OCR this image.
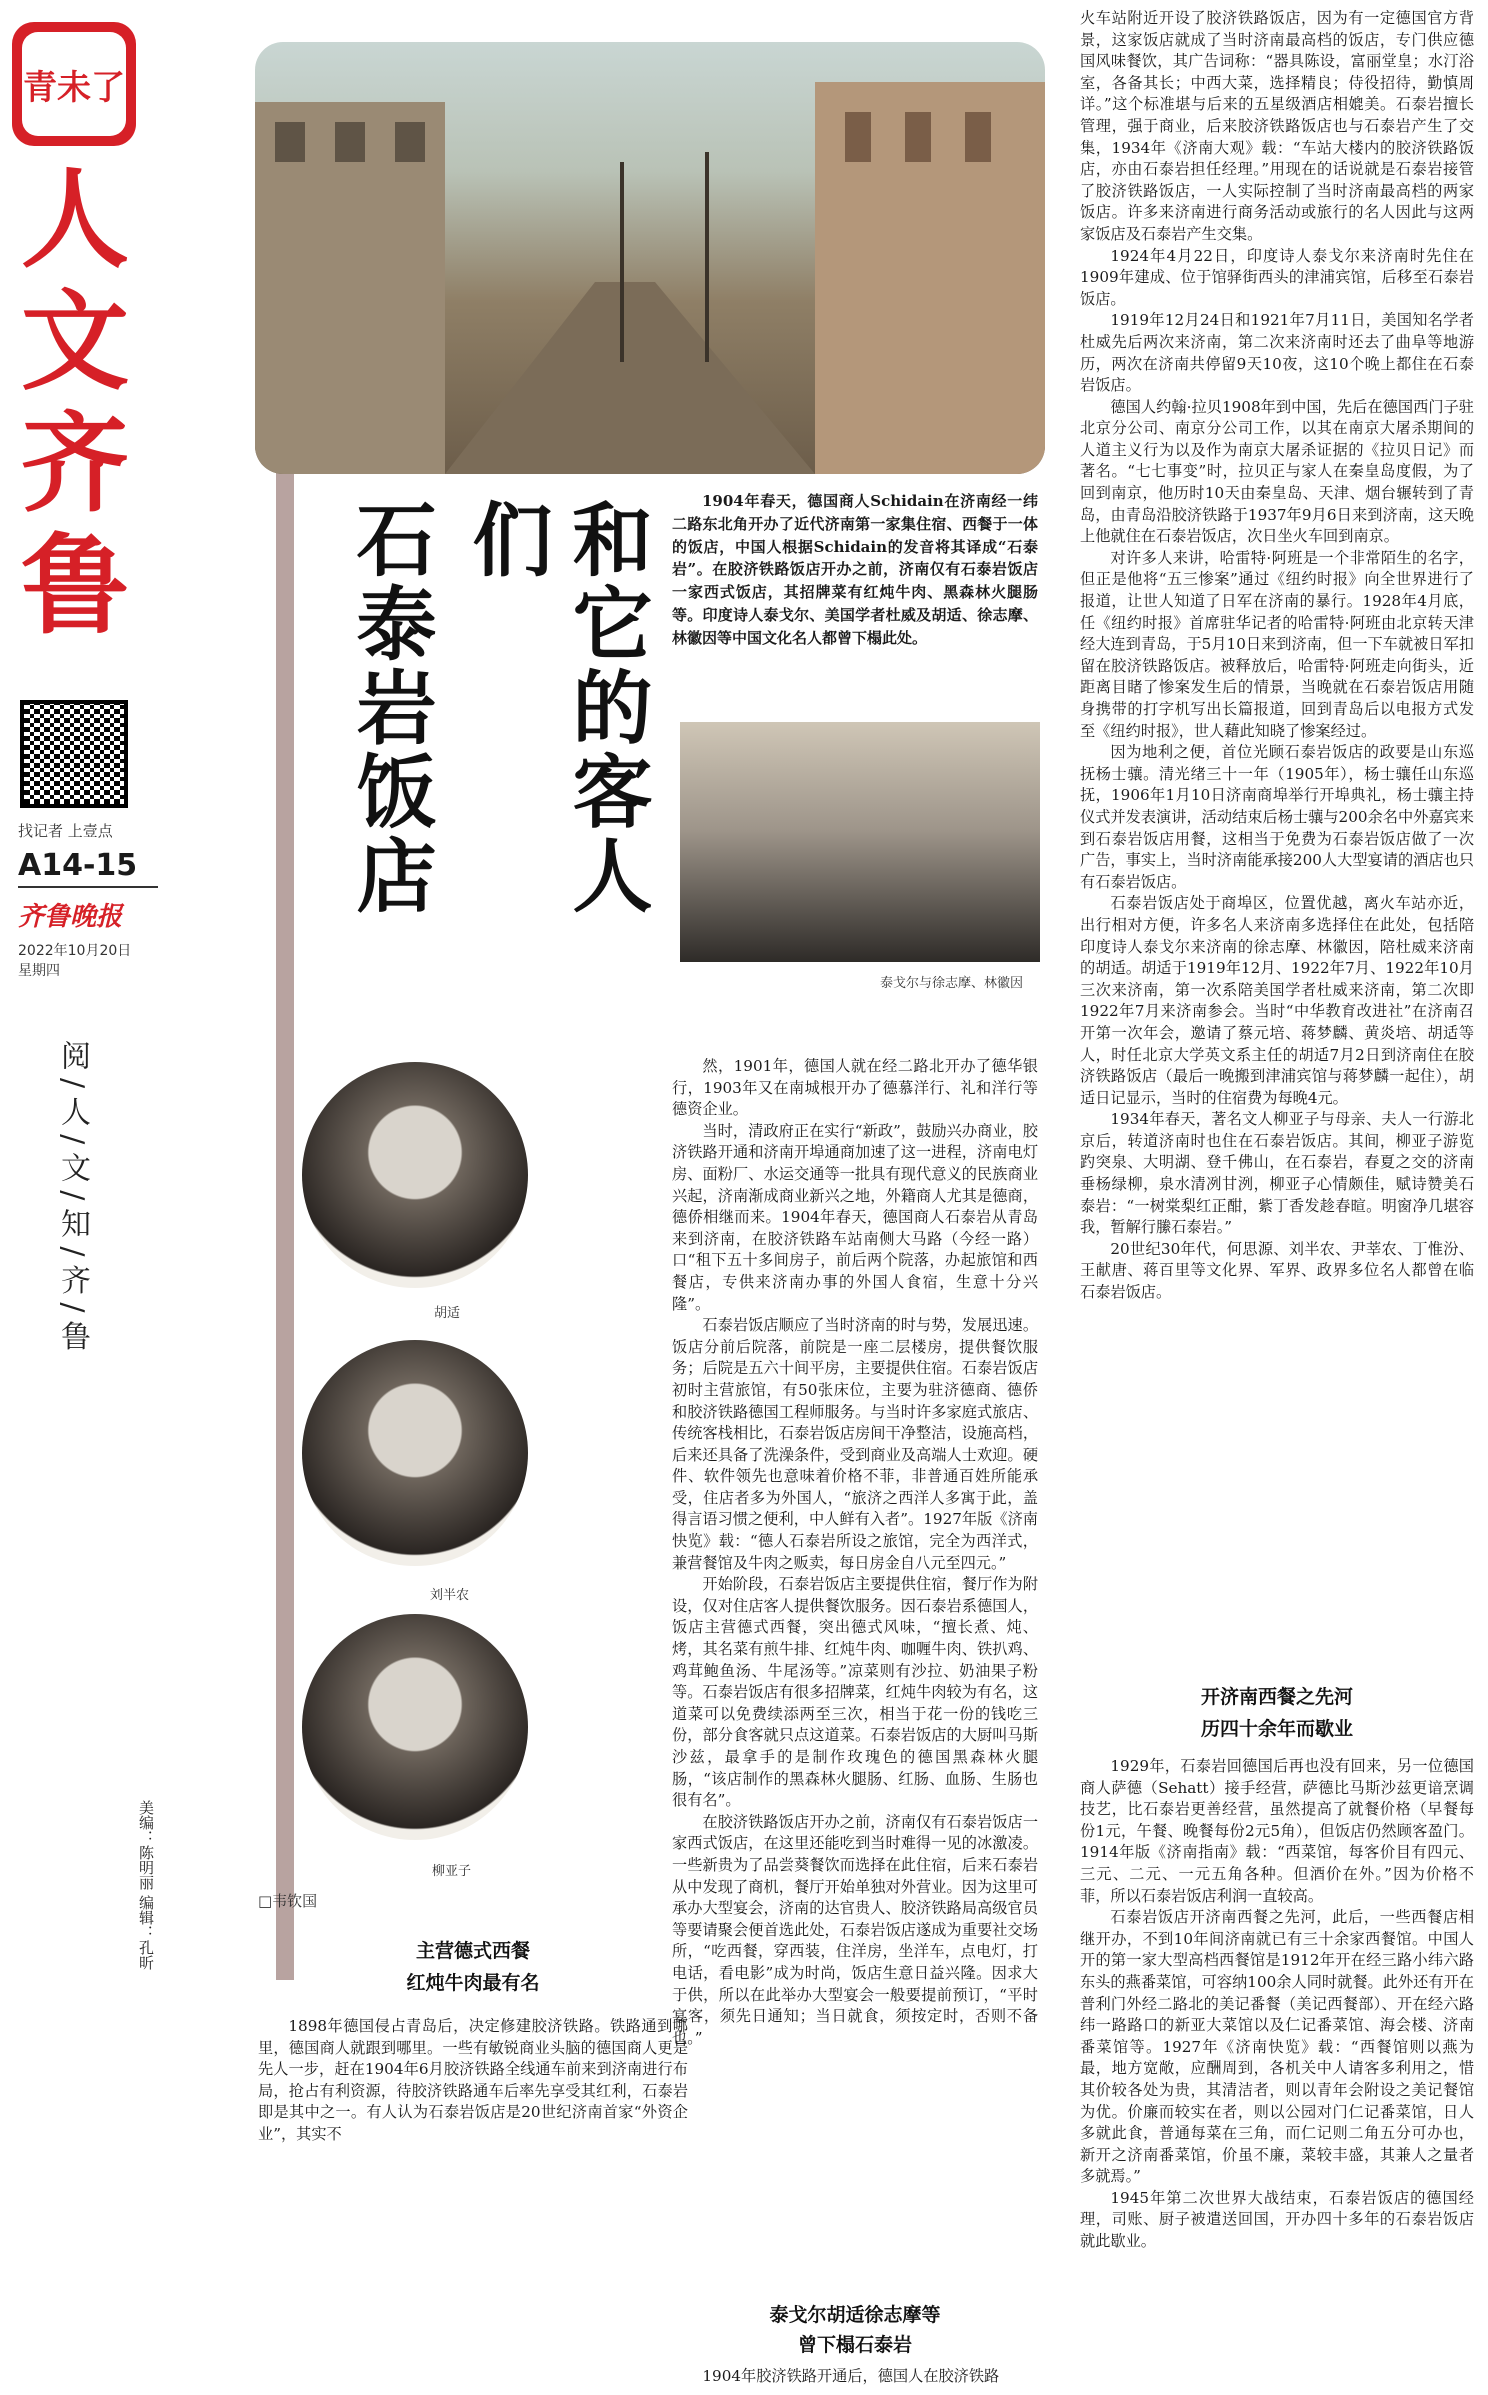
青未了
人
文
齐
鲁
找记者 上壹点
A14-15
齐鲁晚报
2022年10月20日
星期四
阅/人/文/知/齐/鲁
美编：陈明丽 编辑：孔昕
石泰岩饭店	和它的客人们	1904年春天，德国商人Schidain在济南经一纬二路东北角开办了近代济南第一家集住宿、西餐于一体的饭店，中国人根据Schidain的发音将其译成“石泰岩”。在胶济铁路饭店开办之前，济南仅有石泰岩饭店一家西式饭店，其招牌菜有红炖牛肉、黑森林火腿肠等。印度诗人泰戈尔、美国学者杜威及胡适、徐志摩、林徽因等中国文化名人都曾下榻此处。

泰戈尔与徐志摩、林徽因
胡适
刘半农
柳亚子
□韦钦国
主营德式西餐
红炖牛肉最有名

1898年德国侵占青岛后，决定修建胶济铁路。铁路通到哪里，德国商人就跟到哪里。一些有敏锐商业头脑的德国商人更是先人一步，赶在1904年6月胶济铁路全线通车前来到济南进行布局，抢占有利资源，待胶济铁路通车后率先享受其红利，石泰岩即是其中之一。有人认为石泰岩饭店是20世纪济南首家“外资企业”，其实不

然，1901年，德国人就在经二路北开办了德华银行，1903年又在南城根开办了德慕洋行、礼和洋行等德资企业。

当时，清政府正在实行“新政”，鼓励兴办商业，胶济铁路开通和济南开埠通商加速了这一进程，济南电灯房、面粉厂、水运交通等一批具有现代意义的民族商业兴起，济南渐成商业新兴之地，外籍商人尤其是德商，德侨相继而来。1904年春天，德国商人石泰岩从青岛来到济南，在胶济铁路车站南侧大马路（今经一路）口“租下五十多间房子，前后两个院落，办起旅馆和西餐店，专供来济南办事的外国人食宿，生意十分兴隆”。

石泰岩饭店顺应了当时济南的时与势，发展迅速。饭店分前后院落，前院是一座二层楼房，提供餐饮服务；后院是五六十间平房，主要提供住宿。石泰岩饭店初时主营旅馆，有50张床位，主要为驻济德商、德侨和胶济铁路德国工程师服务。与当时许多家庭式旅店、传统客栈相比，石泰岩饭店房间干净整洁，设施高档，后来还具备了洗澡条件，受到商业及高端人士欢迎。硬件、软件领先也意味着价格不菲，非普通百姓所能承受，住店者多为外国人，“旅济之西洋人多寓于此，盖得言语习惯之便利，中人鲜有入者”。1927年版《济南快览》载：“德人石泰岩所设之旅馆，完全为西洋式，兼营餐馆及牛肉之贩卖，每日房金自八元至四元。”

开始阶段，石泰岩饭店主要提供住宿，餐厅作为附设，仅对住店客人提供餐饮服务。因石泰岩系德国人，饭店主营德式西餐，突出德式风味，“擅长煮、炖、烤，其名菜有煎牛排、红炖牛肉、咖喱牛肉、铁扒鸡、鸡茸鲍鱼汤、牛尾汤等。”凉菜则有沙拉、奶油果子粉等。石泰岩饭店有很多招牌菜，红炖牛肉较为有名，这道菜可以免费续添两至三次，相当于花一份的钱吃三份，部分食客就只点这道菜。石泰岩饭店的大厨叫马斯沙兹，最拿手的是制作玫瑰色的德国黑森林火腿肠，“该店制作的黑森林火腿肠、红肠、血肠、生肠也很有名”。

在胶济铁路饭店开办之前，济南仅有石泰岩饭店一家西式饭店，在这里还能吃到当时难得一见的冰激凌。一些新贵为了品尝葵餐饮而选择在此住宿，后来石泰岩从中发现了商机，餐厅开始单独对外营业。因为这里可承办大型宴会，济南的达官贵人、胶济铁路局高级官员等要请聚会便首选此处，石泰岩饭店遂成为重要社交场所，“吃西餐，穿西装，住洋房，坐洋车，点电灯，打电话，看电影”成为时尚，饭店生意日益兴隆。因求大于供，所以在此举办大型宴会一般要提前预订，“平时宴客，须先日通知；当日就食，须按定时，否则不备也。”

泰戈尔胡适徐志摩等
曾下榻石泰岩

1904年胶济铁路开通后，德国人在胶济铁路

火车站附近开设了胶济铁路饭店，因为有一定德国官方背景，这家饭店就成了当时济南最高档的饭店，专门供应德国风味餐饮，其广告词称：“器具陈设，富丽堂皇；水汀浴室，各备其长；中西大菜，选择精良；侍役招待，勤慎周详。”这个标准堪与后来的五星级酒店相媲美。石泰岩擅长管理，强于商业，后来胶济铁路饭店也与石泰岩产生了交集，1934年《济南大观》载：“车站大楼内的胶济铁路饭店，亦由石泰岩担任经理。”用现在的话说就是石泰岩接管了胶济铁路饭店，一人实际控制了当时济南最高档的两家饭店。许多来济南进行商务活动或旅行的名人因此与这两家饭店及石泰岩产生交集。

1924年4月22日，印度诗人泰戈尔来济南时先住在1909年建成、位于馆驿街西头的津浦宾馆，后移至石泰岩饭店。

1919年12月24日和1921年7月11日，美国知名学者杜威先后两次来济南，第二次来济南时还去了曲阜等地游历，两次在济南共停留9天10夜，这10个晚上都住在石泰岩饭店。

德国人约翰·拉贝1908年到中国，先后在德国西门子驻北京分公司、南京分公司工作，以其在南京大屠杀期间的人道主义行为以及作为南京大屠杀证据的《拉贝日记》而著名。“七七事变”时，拉贝正与家人在秦皇岛度假，为了回到南京，他历时10天由秦皇岛、天津、烟台辗转到了青岛，由青岛沿胶济铁路于1937年9月6日来到济南，这天晚上他就住在石泰岩饭店，次日坐火车回到南京。

对许多人来讲，哈雷特·阿班是一个非常陌生的名字，但正是他将“五三惨案”通过《纽约时报》向全世界进行了报道，让世人知道了日军在济南的暴行。1928年4月底，任《纽约时报》首席驻华记者的哈雷特·阿班由北京转天津经大连到青岛，于5月10日来到济南，但一下车就被日军扣留在胶济铁路饭店。被释放后，哈雷特·阿班走向街头，近距离目睹了惨案发生后的情景，当晚就在石泰岩饭店用随身携带的打字机写出长篇报道，回到青岛后以电报方式发至《纽约时报》，世人藉此知晓了惨案经过。

因为地利之便，首位光顾石泰岩饭店的政要是山东巡抚杨士骧。清光绪三十一年（1905年），杨士骧任山东巡抚，1906年1月10日济南商埠举行开埠典礼，杨士骧主持仪式并发表演讲，活动结束后杨士骧与200余名中外嘉宾来到石泰岩饭店用餐，这相当于免费为石泰岩饭店做了一次广告，事实上，当时济南能承接200人大型宴请的酒店也只有石泰岩饭店。

石泰岩饭店处于商埠区，位置优越，离火车站亦近，出行相对方便，许多名人来济南多选择住在此处，包括陪印度诗人泰戈尔来济南的徐志摩、林徽因，陪杜威来济南的胡适。胡适于1919年12月、1922年7月、1922年10月三次来济南，第一次系陪美国学者杜威来济南，第二次即1922年7月来济南参会。当时“中华教育改进社”在济南召开第一次年会，邀请了蔡元培、蒋梦麟、黄炎培、胡适等人，时任北京大学英文系主任的胡适7月2日到济南住在胶济铁路饭店（最后一晚搬到津浦宾馆与蒋梦麟一起住），胡适日记显示，当时的住宿费为每晚4元。

1934年春天，著名文人柳亚子与母亲、夫人一行游北京后，转道济南时也住在石泰岩饭店。其间，柳亚子游览趵突泉、大明湖、登千佛山，在石泰岩，春夏之交的济南垂杨绿柳，泉水清冽甘洌，柳亚子心情颇佳，赋诗赞美石泰岩：“一树棠梨红正酣，紫丁香发趁春暄。明窗净几堪容我，暂解行縢石泰岩。”

20世纪30年代，何思源、刘半农、尹莘农、丁惟汾、王献唐、蒋百里等文化界、军界、政界多位名人都曾在临石泰岩饭店。

开济南西餐之先河
历四十余年而歇业

1929年，石泰岩回德国后再也没有回来，另一位德国商人萨德（Sehatt）接手经营，萨德比马斯沙兹更谙烹调技艺，比石泰岩更善经营，虽然提高了就餐价格（早餐每份1元，午餐、晚餐每份2元5角），但饭店仍然顾客盈门。1914年版《济南指南》载：“西菜馆，每客价目有四元、三元、二元、一元五角各种。但酒价在外。”因为价格不菲，所以石泰岩饭店利润一直较高。

石泰岩饭店开济南西餐之先河，此后，一些西餐店相继开办，不到10年间济南就已有三十余家西餐馆。中国人开的第一家大型高档西餐馆是1912年开在经三路小纬六路东头的燕番菜馆，可容纳100余人同时就餐。此外还有开在普利门外经二路北的美记番餐（美记西餐部）、开在经六路纬一路路口的新亚大菜馆以及仁记番菜馆、海会楼、济南番菜馆等。1927年《济南快览》载：“西餐馆则以燕为最，地方宽敞，应酬周到，各机关中人请客多利用之，惜其价较各处为贵，其清洁者，则以青年会附设之美记餐馆为优。价廉而较实在者，则以公园对门仁记番菜馆，日人多就此食，普通每菜在三角，而仁记则二角五分可办也，新开之济南番菜馆，价虽不廉，菜较丰盛，其兼人之量者多就焉。”

1945年第二次世界大战结束，石泰岩饭店的德国经理，司账、厨子被遣送回国，开办四十多年的石泰岩饭店就此歇业。
